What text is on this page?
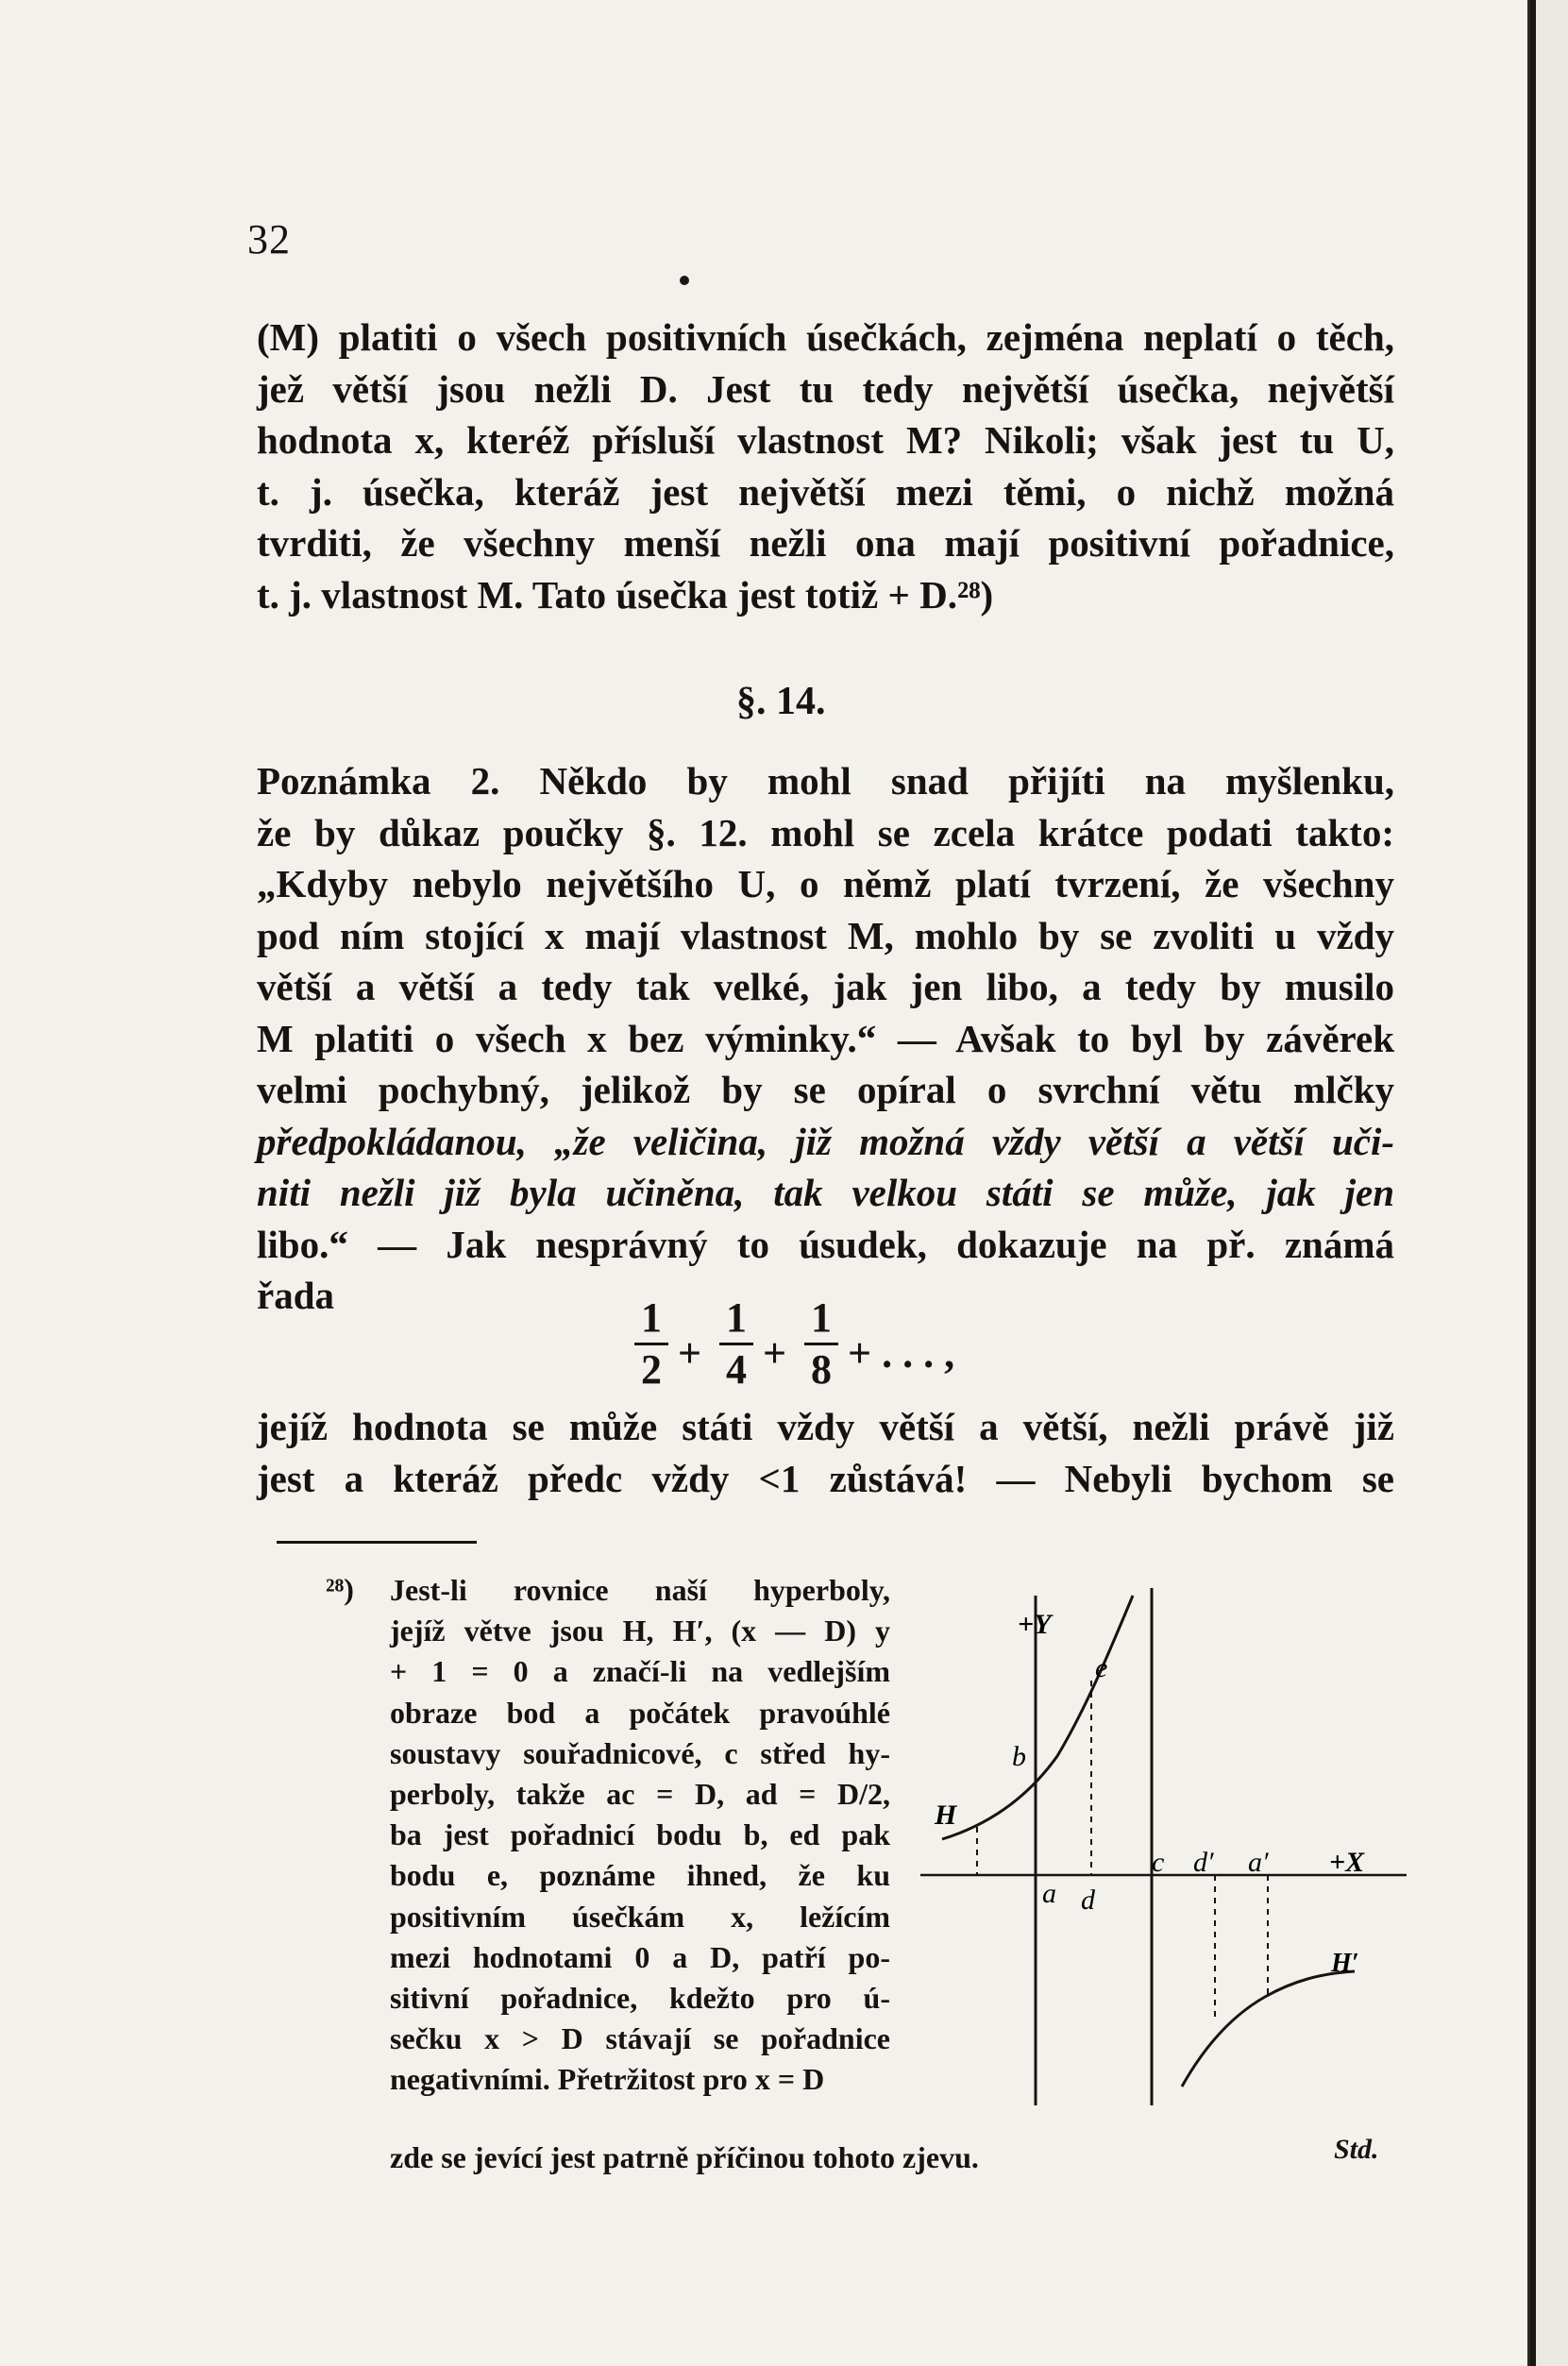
32
(M) platiti o všech positivních úsečkách, zejména neplatí o těch,
jež větší jsou nežli D. Jest tu tedy největší úsečka, největší
hodnota x, kteréž přísluší vlastnost M? Nikoli; však jest tu U,
t. j. úsečka, kteráž jest největší mezi těmi, o nichž možná
tvrditi, že všechny menší nežli ona mají positivní pořadnice,
t. j. vlastnost M. Tato úsečka jest totiž + D.²⁸)
§. 14.
Poznámka 2. Někdo by mohl snad přijíti na myšlenku,
že by důkaz poučky §. 12. mohl se zcela krátce podati takto:
„Kdyby nebylo největšího U, o němž platí tvrzení, že všechny
pod ním stojící x mají vlastnost M, mohlo by se zvoliti u vždy
větší a větší a tedy tak velké, jak jen libo, a tedy by musilo
M platiti o všech x bez výminky.“ — Avšak to byl by závěrek
velmi pochybný, jelikož by se opíral o svrchní větu mlčky
předpokládanou, „že veličina, již možná vždy větší a větší uči-
niti nežli již byla učiněna, tak velkou státi se může, jak jen
libo.“ — Jak nesprávný to úsudek, dokazuje na př. známá
řada	1
2 +
1
4 +
1
8 + . . . ,
jejíž hodnota se může státi vždy větší a větší, nežli právě již
jest a kteráž předc vždy <1 zůstává! — Nebyli bychom se
²⁸) Jest-li rovnice naší hyperboly,
jejíž větve jsou H, H′, (x — D) y
+ 1 = 0 a značí-li na vedlejším
obraze bod a počátek pravoúhlé
soustavy souřadnicové, c střed hy-
perboly, takže ac = D, ad = D/2,
ba jest pořadnicí bodu b, ed pak
bodu e, poznáme ihned, že ku
positivním úsečkám x, ležícím
mezi hodnotami 0 a D, patří po-
sitivní pořadnice, kdežto pro ú-
sečku x > D stávají se pořadnice
negativními. Přetržitost pro x = D
zde se jevící jest patrně příčinou tohoto zjevu.	Std.
+Y
e
b
H
a d
c d′ a′ +X
H′
